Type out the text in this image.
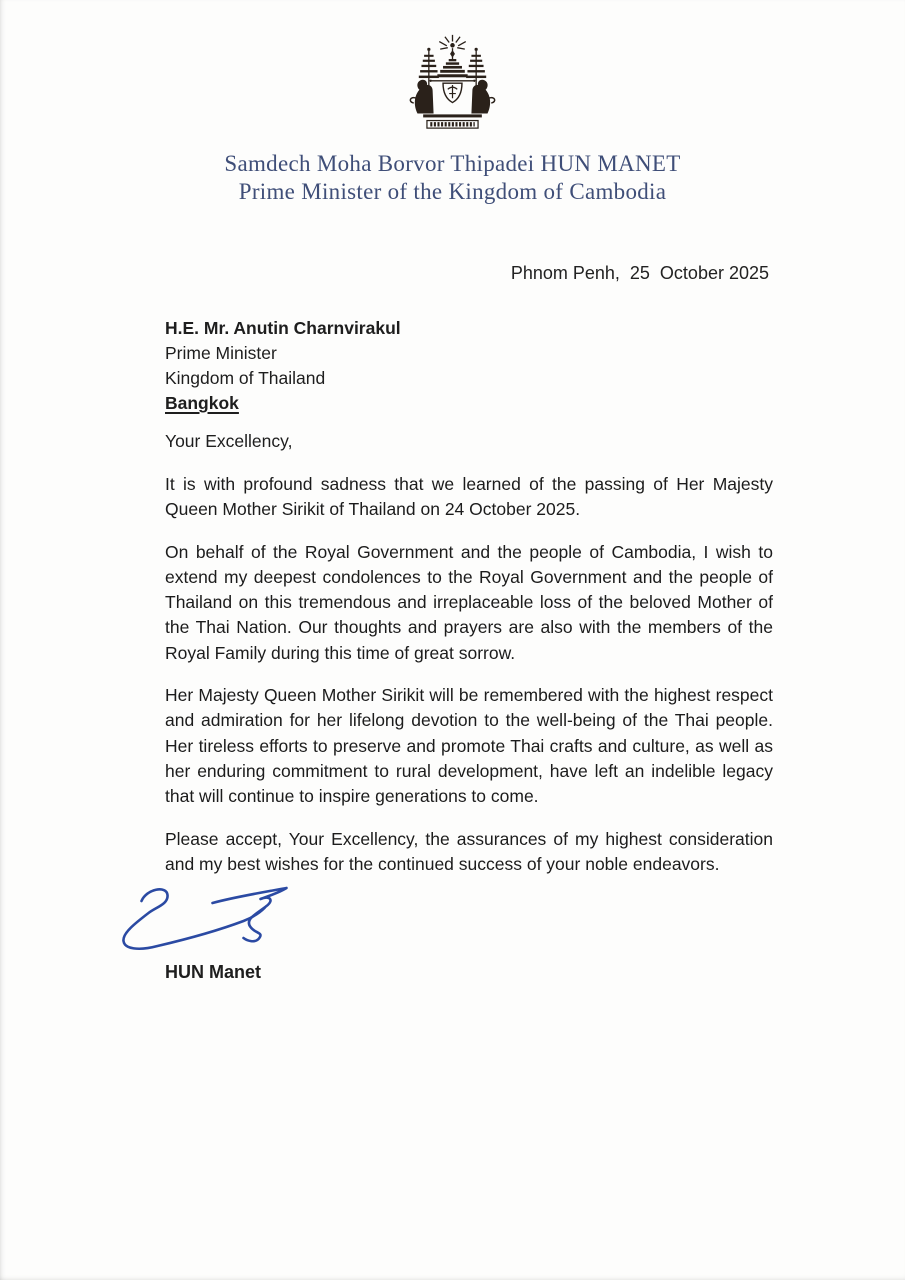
Samdech Moha Borvor Thipadei HUN MANET
Prime Minister of the Kingdom of Cambodia
Phnom Penh,  25  October 2025
H.E. Mr. Anutin Charnvirakul
Prime Minister
Kingdom of Thailand
Bangkok
Your Excellency,

It is with profound sadness that we learned of the passing of Her Majesty Queen Mother Sirikit of Thailand on 24 October 2025.

On behalf of the Royal Government and the people of Cambodia, I wish to extend my deepest condolences to the Royal Government and the people of Thailand on this tremendous and irreplaceable loss of the beloved Mother of the Thai Nation. Our thoughts and prayers are also with the members of the Royal Family during this time of great sorrow.

Her Majesty Queen Mother Sirikit will be remembered with the highest respect and admiration for her lifelong devotion to the well-being of the Thai people. Her tireless efforts to preserve and promote Thai crafts and culture, as well as her enduring commitment to rural development, have left an indelible legacy that will continue to inspire generations to come.

Please accept, Your Excellency, the assurances of my highest consideration and my best wishes for the continued success of your noble endeavors.

HUN Manet
